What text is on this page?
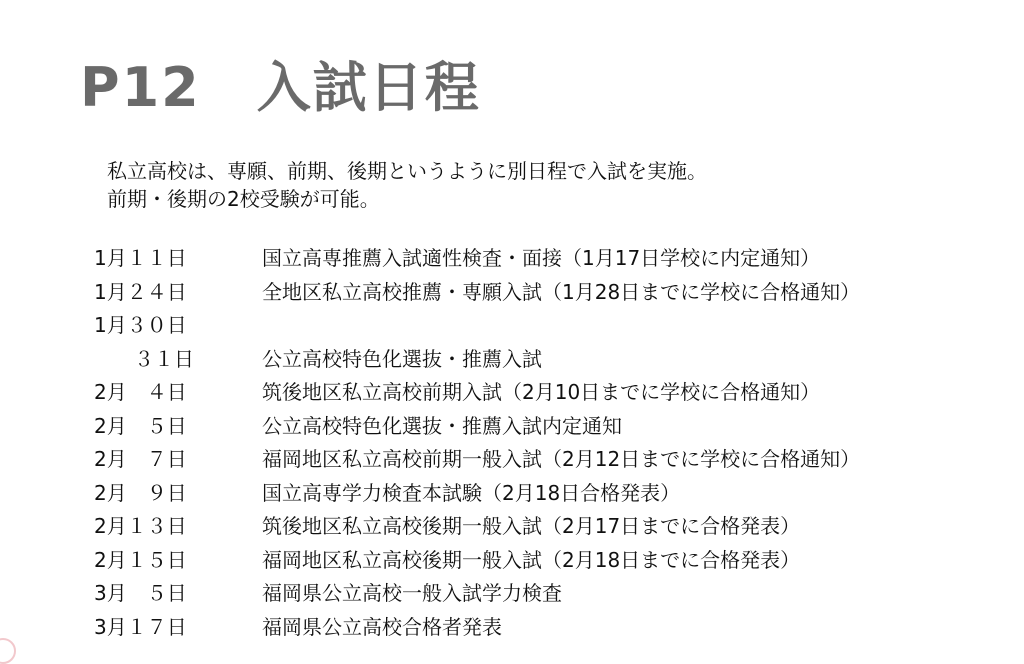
P12　入試日程
私立高校は、専願、前期、後期というように別日程で入試を実施。
前期・後期の2校受験が可能。
1月１１日	国立高専推薦入試適性検査・面接（1月17日学校に内定通知）
1月２４日	全地区私立高校推薦・専願入試（1月28日までに学校に合格通知）
1月３０日
　　３１日	公立高校特色化選抜・推薦入試
2月　４日	筑後地区私立高校前期入試（2月10日までに学校に合格通知）
2月　５日	公立高校特色化選抜・推薦入試内定通知
2月　７日	福岡地区私立高校前期一般入試（2月12日までに学校に合格通知）
2月　９日	国立高専学力検査本試験（2月18日合格発表）
2月１３日	筑後地区私立高校後期一般入試（2月17日までに合格発表）
2月１５日	福岡地区私立高校後期一般入試（2月18日までに合格発表）
3月　５日	福岡県公立高校一般入試学力検査
3月１７日	福岡県公立高校合格者発表
